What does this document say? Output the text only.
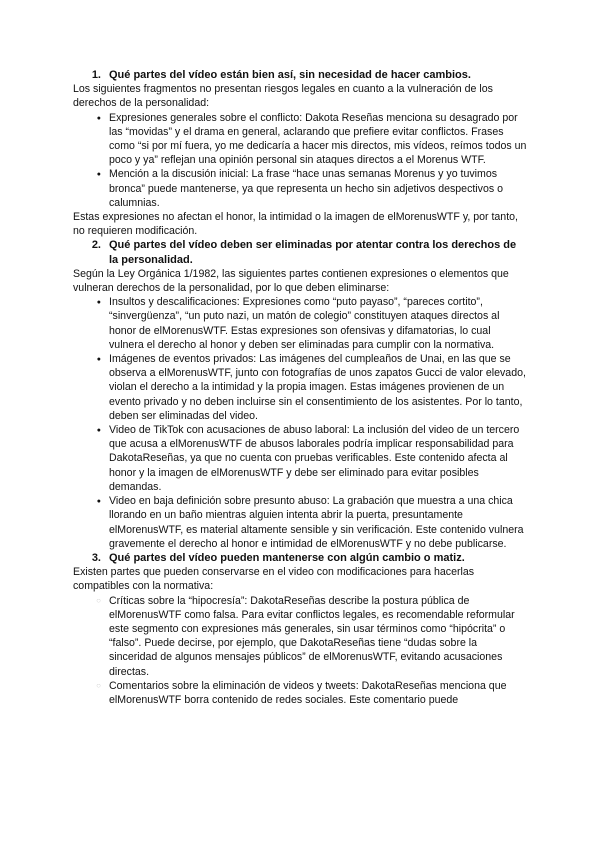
1. Qué partes del vídeo están bien así, sin necesidad de hacer cambios.

Los siguientes fragmentos no presentan riesgos legales en cuanto a la vulneración de los derechos de la personalidad:

●
Expresiones generales sobre el conflicto: Dakota Reseñas menciona su desagrado por las “movidas” y el drama en general, aclarando que prefiere evitar conflictos. Frases como “si por mí fuera, yo me dedicaría a hacer mis directos, mis vídeos, reímos todos un poco y ya” reflejan una opinión personal sin ataques directos a el Morenus WTF.
●
Mención a la discusión inicial: La frase “hace unas semanas Morenus y yo tuvimos bronca” puede mantenerse, ya que representa un hecho sin adjetivos despectivos o calumnias.

Estas expresiones no afectan el honor, la intimidad o la imagen de elMorenusWTF y, por tanto, no requieren modificación.

2. Qué partes del vídeo deben ser eliminadas por atentar contra los derechos de la personalidad.

Según la Ley Orgánica 1/1982, las siguientes partes contienen expresiones o elementos que vulneran derechos de la personalidad, por lo que deben eliminarse:

●
Insultos y descalificaciones: Expresiones como “puto payaso”, “pareces cortito”, “sinvergüenza”, “un puto nazi, un matón de colegio” constituyen ataques directos al honor de elMorenusWTF. Estas expresiones son ofensivas y difamatorias, lo cual vulnera el derecho al honor y deben ser eliminadas para cumplir con la normativa.
●
Imágenes de eventos privados: Las imágenes del cumpleaños de Unai, en las que se observa a elMorenusWTF, junto con fotografías de unos zapatos Gucci de valor elevado, violan el derecho a la intimidad y la propia imagen. Estas imágenes provienen de un evento privado y no deben incluirse sin el consentimiento de los asistentes. Por lo tanto, deben ser eliminadas del video.
●
Video de TikTok con acusaciones de abuso laboral: La inclusión del video de un tercero que acusa a elMorenusWTF de abusos laborales podría implicar responsabilidad para DakotaReseñas, ya que no cuenta con pruebas verificables. Este contenido afecta al honor y la imagen de elMorenusWTF y debe ser eliminado para evitar posibles demandas.
●
Video en baja definición sobre presunto abuso: La grabación que muestra a una chica llorando en un baño mientras alguien intenta abrir la puerta, presuntamente elMorenusWTF, es material altamente sensible y sin verificación. Este contenido vulnera gravemente el derecho al honor e intimidad de elMorenusWTF y no debe publicarse.
3. Qué partes del vídeo pueden mantenerse con algún cambio o matiz.

Existen partes que pueden conservarse en el video con modificaciones para hacerlas compatibles con la normativa:

○
Críticas sobre la “hipocresía”: DakotaReseñas describe la postura pública de elMorenusWTF como falsa. Para evitar conflictos legales, es recomendable reformular este segmento con expresiones más generales, sin usar términos como “hipócrita” o “falso”. Puede decirse, por ejemplo, que DakotaReseñas tiene “dudas sobre la sinceridad de algunos mensajes públicos” de elMorenusWTF, evitando acusaciones directas.
○
Comentarios sobre la eliminación de videos y tweets: DakotaReseñas menciona que elMorenusWTF borra contenido de redes sociales. Este comentario puede
